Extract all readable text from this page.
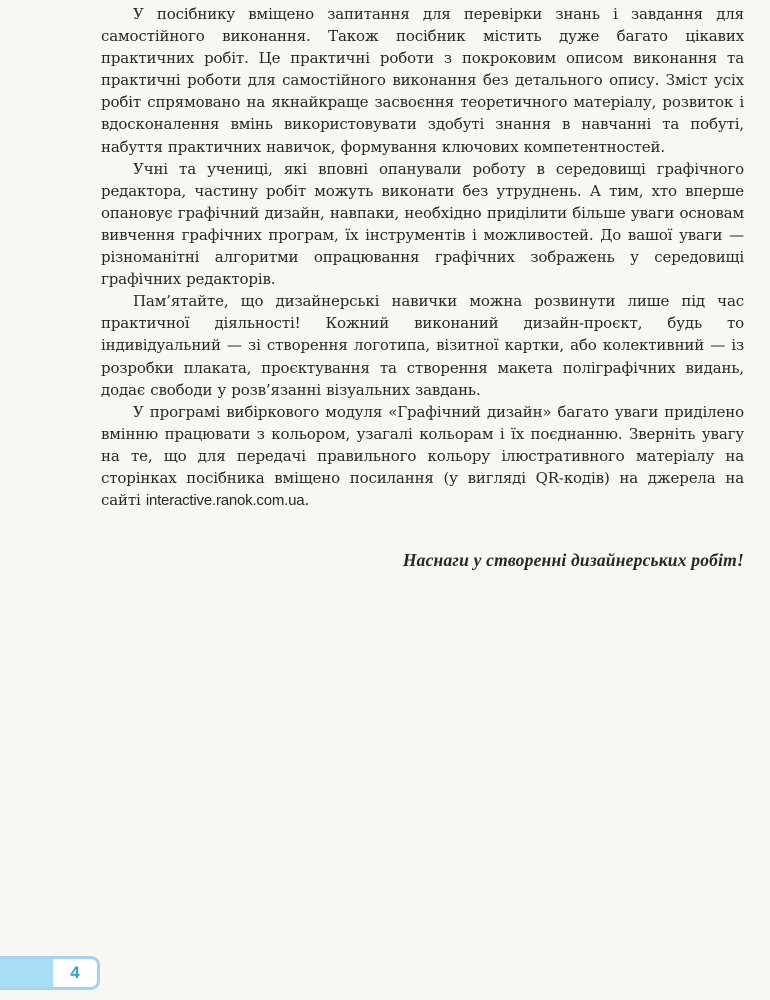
У посібнику вміщено запитання для перевірки знань і завдання для самостійного виконання. Також посібник містить дуже багато цікавих практичних робіт. Це практичні роботи з покроковим описом виконання та практичні роботи для самостійного виконання без детального опису. Зміст усіх робіт спрямовано на якнайкраще засвоєння теоретичного матеріалу, розвиток і вдосконалення вмінь використовувати здобуті знання в навчанні та побуті, набуття практичних навичок, формування ключових компетентностей.

Учні та учениці, які вповні опанували роботу в середовищі графічного редактора, частину робіт можуть виконати без утруднень. А тим, хто вперше опановує графічний дизайн, навпаки, необхідно приділити більше уваги основам вивчення графічних програм, їх інструментів і можливостей. До вашої уваги — різноманітні алгоритми опрацювання графічних зображень у середовищі графічних редакторів.

Пам’ятайте, що дизайнерські навички можна розвинути лише під час практичної діяльності! Кожний виконаний дизайн-проєкт, будь то індивідуальний — зі створення логотипа, візитної картки, або колективний — із розробки плаката, проєктування та створення макета поліграфічних видань, додає свободи у розв’язанні візуальних завдань.

У програмі вибіркового модуля «Графічний дизайн» багато уваги приділено вмінню працювати з кольором, узагалі кольорам і їх поєднанню. Зверніть увагу на те, що для передачі правильного кольору ілюстративного матеріалу на сторінках посібника вміщено посилання (у вигляді QR-кодів) на джерела на сайті interactive.ranok.com.ua.

Наснаги у створенні дизайнерських робіт!

4
